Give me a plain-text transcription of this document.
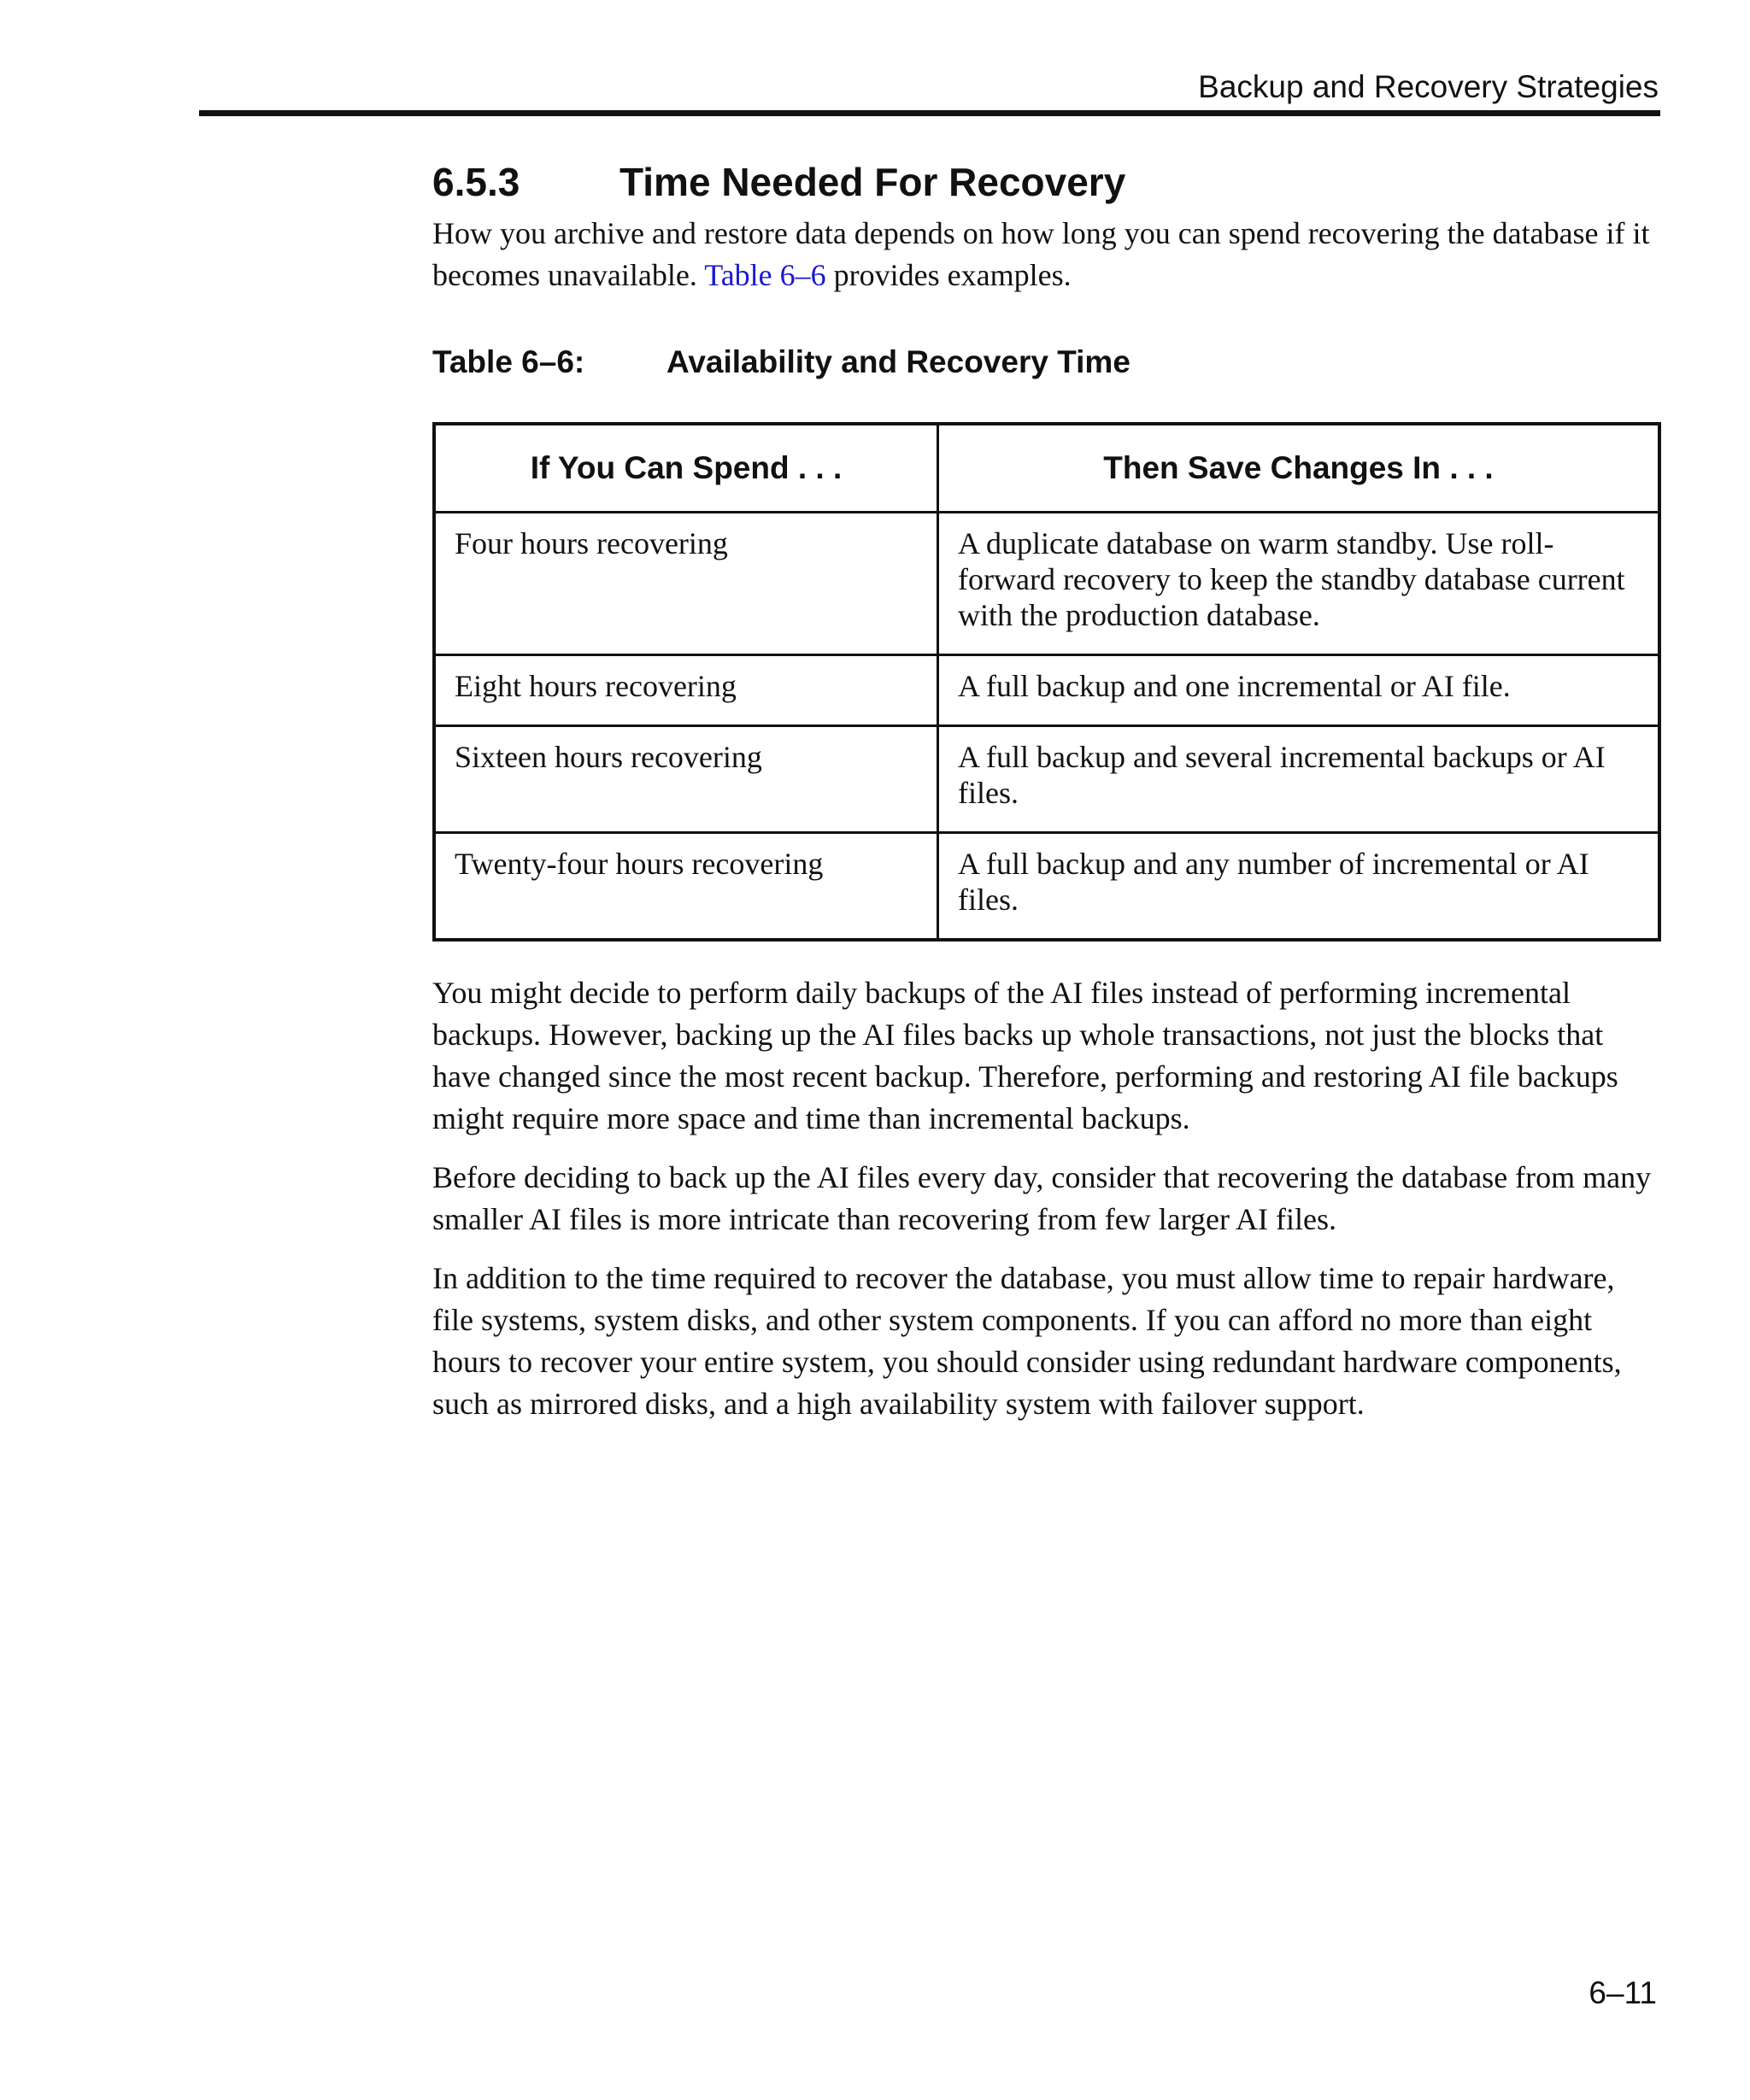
Backup and Recovery Strategies
6.5.3	Time Needed For Recovery

How you archive and restore data depends on how long you can spend recovering the database if it becomes unavailable. Table 6–6 provides examples.

Table 6–6:	Availability and Recovery Time
If You Can Spend . . .	Then Save Changes In . . .
Four hours recovering	A duplicate database on warm standby. Use roll-forward recovery to keep the standby database current with the production database.
Eight hours recovering	A full backup and one incremental or AI file.
Sixteen hours recovering	A full backup and several incremental backups or AI files.
Twenty-four hours recovering	A full backup and any number of incremental or AI files.

You might decide to perform daily backups of the AI files instead of performing incremental backups. However, backing up the AI files backs up whole transactions, not just the blocks that have changed since the most recent backup. Therefore, performing and restoring AI file backups might require more space and time than incremental backups.

Before deciding to back up the AI files every day, consider that recovering the database from many smaller AI files is more intricate than recovering from few larger AI files.

In addition to the time required to recover the database, you must allow time to repair hardware, file systems, system disks, and other system components. If you can afford no more than eight hours to recover your entire system, you should consider using redundant hardware components, such as mirrored disks, and a high availability system with failover support.

6–11
